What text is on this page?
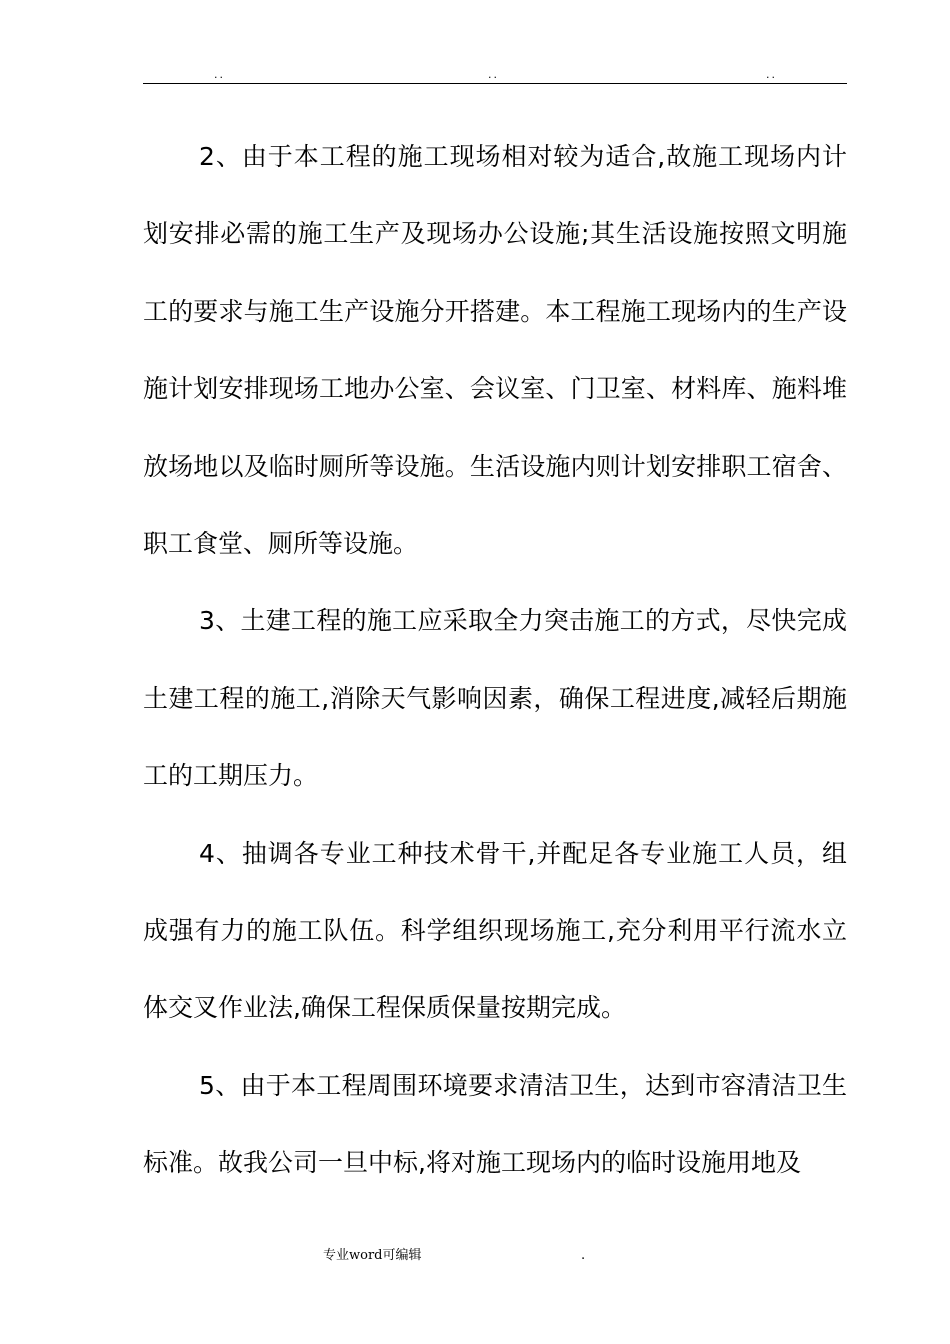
..	..	..

2、由于本工程的施工现场相对较为适合,故施工现场内计划安排必需的施工生产及现场办公设施;其生活设施按照文明施工的要求与施工生产设施分开搭建。本工程施工现场内的生产设施计划安排现场工地办公室、会议室、门卫室、材料库、施料堆放场地以及临时厕所等设施。生活设施内则计划安排职工宿舍、职工食堂、厕所等设施。

3、土建工程的施工应采取全力突击施工的方式，尽快完成土建工程的施工,消除天气影响因素，确保工程进度,减轻后期施工的工期压力。

4、抽调各专业工种技术骨干,并配足各专业施工人员，组成强有力的施工队伍。科学组织现场施工,充分利用平行流水立体交叉作业法,确保工程保质保量按期完成。

5、由于本工程周围环境要求清洁卫生，达到市容清洁卫生标准。故我公司一旦中标,将对施工现场内的临时设施用地及

专业word可编辑	.
